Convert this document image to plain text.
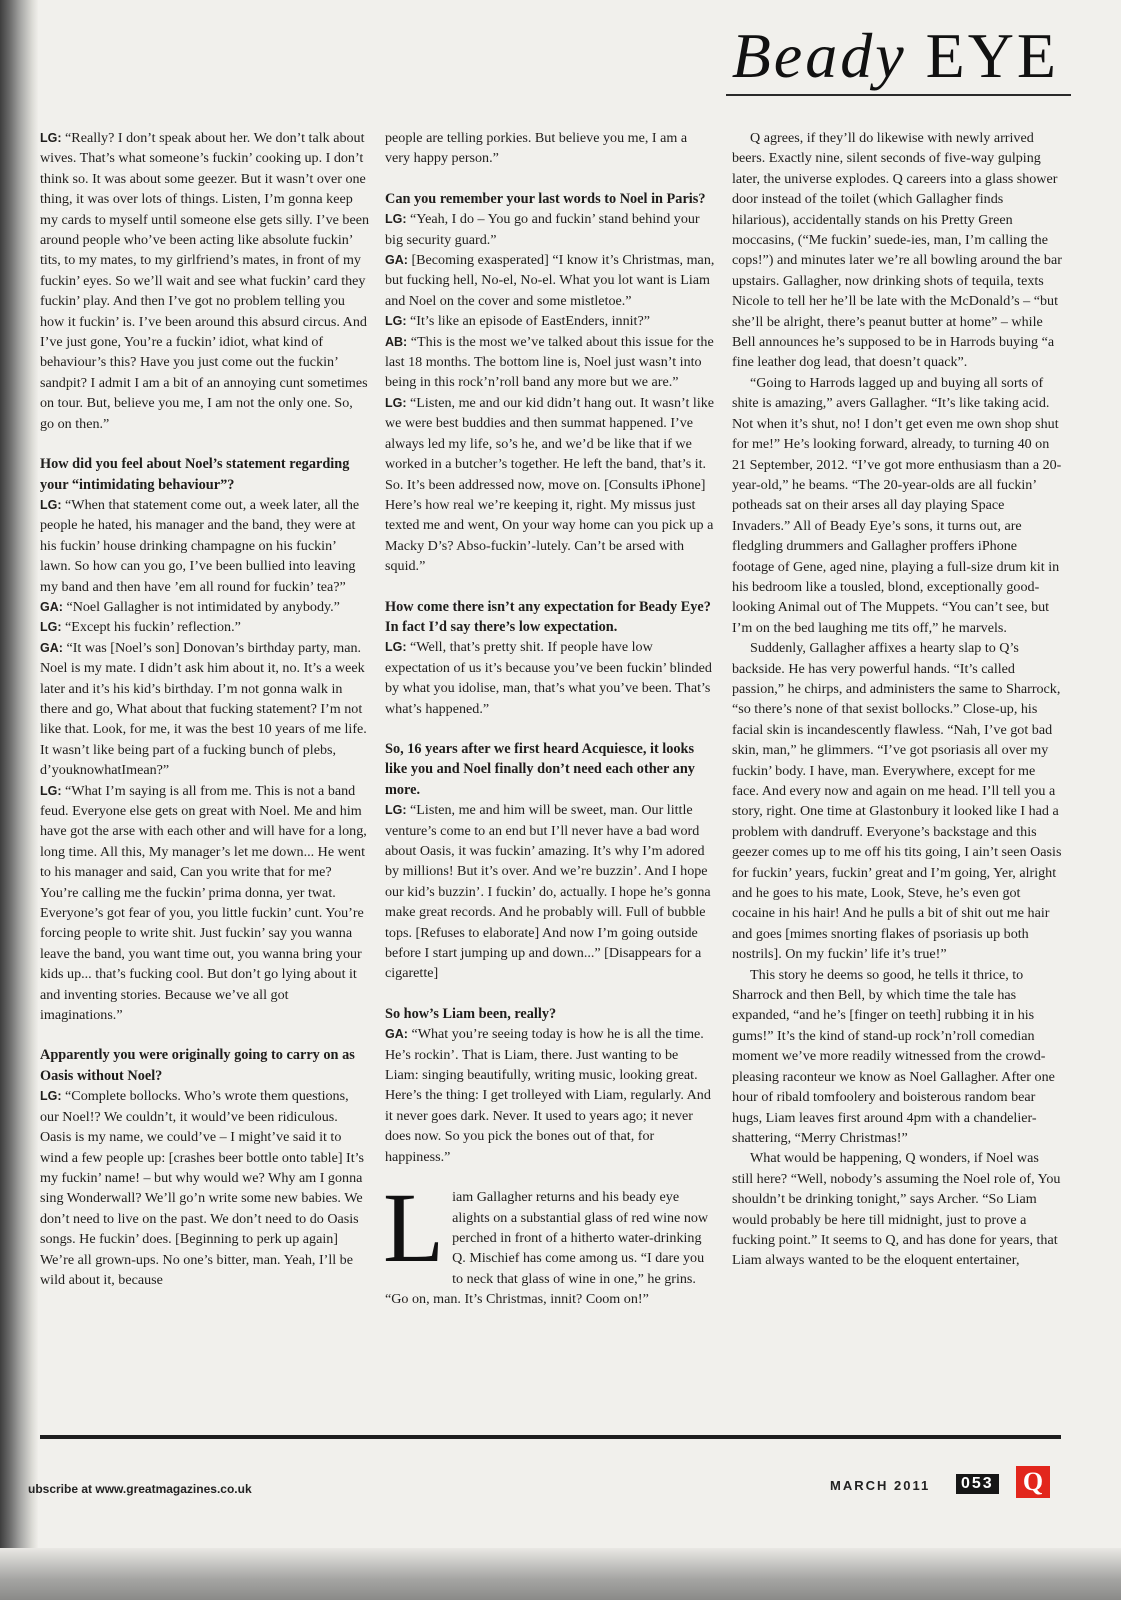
Beady EYE

LG: “Really? I don’t speak about her. We don’t talk about wives. That’s what someone’s fuckin’ cooking up. I don’t think so. It was about some geezer. But it wasn’t over one thing, it was over lots of things. Listen, I’m gonna keep my cards to myself until someone else gets silly. I’ve been around people who’ve been acting like absolute fuckin’ tits, to my mates, to my girlfriend’s mates, in front of my fuckin’ eyes. So we’ll wait and see what fuckin’ card they fuckin’ play. And then I’ve got no problem telling you how it fuckin’ is. I’ve been around this absurd circus. And I’ve just gone, You’re a fuckin’ idiot, what kind of behaviour’s this? Have you just come out the fuckin’ sandpit? I admit I am a bit of an annoying cunt sometimes on tour. But, believe you me, I am not the only one. So, go on then.”

How did you feel about Noel’s statement regarding your “intimidating behaviour”?

LG: “When that statement come out, a week later, all the people he hated, his manager and the band, they were at his fuckin’ house drinking champagne on his fuckin’ lawn. So how can you go, I’ve been bullied into leaving my band and then have ’em all round for fuckin’ tea?”

GA: “Noel Gallagher is not intimidated by anybody.”

LG: “Except his fuckin’ reflection.”

GA: “It was [Noel’s son] Donovan’s birthday party, man. Noel is my mate. I didn’t ask him about it, no. It’s a week later and it’s his kid’s birthday. I’m not gonna walk in there and go, What about that fucking statement? I’m not like that. Look, for me, it was the best 10 years of me life. It wasn’t like being part of a fucking bunch of plebs, d’youknowhatImean?”

LG: “What I’m saying is all from me. This is not a band feud. Everyone else gets on great with Noel. Me and him have got the arse with each other and will have for a long, long time. All this, My manager’s let me down... He went to his manager and said, Can you write that for me? You’re calling me the fuckin’ prima donna, yer twat. Everyone’s got fear of you, you little fuckin’ cunt. You’re forcing people to write shit. Just fuckin’ say you wanna leave the band, you want time out, you wanna bring your kids up... that’s fucking cool. But don’t go lying about it and inventing stories. Because we’ve all got imaginations.”

Apparently you were originally going to carry on as Oasis without Noel?

LG: “Complete bollocks. Who’s wrote them questions, our Noel!? We couldn’t, it would’ve been ridiculous. Oasis is my name, we could’ve – I might’ve said it to wind a few people up: [crashes beer bottle onto table] It’s my fuckin’ name! – but why would we? Why am I gonna sing Wonderwall? We’ll go’n write some new babies. We don’t need to live on the past. We don’t need to do Oasis songs. He fuckin’ does. [Beginning to perk up again] We’re all grown-ups. No one’s bitter, man. Yeah, I’ll be wild about it, because

people are telling porkies. But believe you me, I am a very happy person.”

Can you remember your last words to Noel in Paris?

LG: “Yeah, I do – You go and fuckin’ stand behind your big security guard.”

GA: [Becoming exasperated] “I know it’s Christmas, man, but fucking hell, No-el, No-el. What you lot want is Liam and Noel on the cover and some mistletoe.”

LG: “It’s like an episode of EastEnders, innit?”

AB: “This is the most we’ve talked about this issue for the last 18 months. The bottom line is, Noel just wasn’t into being in this rock’n’roll band any more but we are.”

LG: “Listen, me and our kid didn’t hang out. It wasn’t like we were best buddies and then summat happened. I’ve always led my life, so’s he, and we’d be like that if we worked in a butcher’s together. He left the band, that’s it. So. It’s been addressed now, move on. [Consults iPhone] Here’s how real we’re keeping it, right. My missus just texted me and went, On your way home can you pick up a Macky D’s? Abso-fuckin’-lutely. Can’t be arsed with squid.”

How come there isn’t any expectation for Beady Eye? In fact I’d say there’s low expectation.

LG: “Well, that’s pretty shit. If people have low expectation of us it’s because you’ve been fuckin’ blinded by what you idolise, man, that’s what you’ve been. That’s what’s happened.”

So, 16 years after we first heard Acquiesce, it looks like you and Noel finally don’t need each other any more.

LG: “Listen, me and him will be sweet, man. Our little venture’s come to an end but I’ll never have a bad word about Oasis, it was fuckin’ amazing. It’s why I’m adored by millions! But it’s over. And we’re buzzin’. And I hope our kid’s buzzin’. I fuckin’ do, actually. I hope he’s gonna make great records. And he probably will. Full of bubble tops. [Refuses to elaborate] And now I’m going outside before I start jumping up and down...” [Disappears for a cigarette]

So how’s Liam been, really?

GA: “What you’re seeing today is how he is all the time. He’s rockin’. That is Liam, there. Just wanting to be Liam: singing beautifully, writing music, looking great. Here’s the thing: I get trolleyed with Liam, regularly. And it never goes dark. Never. It used to years ago; it never does now. So you pick the bones out of that, for happiness.”

Liam Gallagher returns and his beady eye alights on a substantial glass of red wine now perched in front of a hitherto water-drinking Q. Mischief has come among us. “I dare you to neck that glass of wine in one,” he grins. “Go on, man. It’s Christmas, innit? Coom on!”

Q agrees, if they’ll do likewise with newly arrived beers. Exactly nine, silent seconds of five-way gulping later, the universe explodes. Q careers into a glass shower door instead of the toilet (which Gallagher finds hilarious), accidentally stands on his Pretty Green moccasins, (“Me fuckin’ suede-ies, man, I’m calling the cops!”) and minutes later we’re all bowling around the bar upstairs. Gallagher, now drinking shots of tequila, texts Nicole to tell her he’ll be late with the McDonald’s – “but she’ll be alright, there’s peanut butter at home” – while Bell announces he’s supposed to be in Harrods buying “a fine leather dog lead, that doesn’t quack”.

“Going to Harrods lagged up and buying all sorts of shite is amazing,” avers Gallagher. “It’s like taking acid. Not when it’s shut, no! I don’t get even me own shop shut for me!” He’s looking forward, already, to turning 40 on 21 September, 2012. “I’ve got more enthusiasm than a 20-year-old,” he beams. “The 20-year-olds are all fuckin’ potheads sat on their arses all day playing Space Invaders.” All of Beady Eye’s sons, it turns out, are fledgling drummers and Gallagher proffers iPhone footage of Gene, aged nine, playing a full-size drum kit in his bedroom like a tousled, blond, exceptionally good-looking Animal out of The Muppets. “You can’t see, but I’m on the bed laughing me tits off,” he marvels.

Suddenly, Gallagher affixes a hearty slap to Q’s backside. He has very powerful hands. “It’s called passion,” he chirps, and administers the same to Sharrock, “so there’s none of that sexist bollocks.” Close-up, his facial skin is incandescently flawless. “Nah, I’ve got bad skin, man,” he glimmers. “I’ve got psoriasis all over my fuckin’ body. I have, man. Everywhere, except for me face. And every now and again on me head. I’ll tell you a story, right. One time at Glastonbury it looked like I had a problem with dandruff. Everyone’s backstage and this geezer comes up to me off his tits going, I ain’t seen Oasis for fuckin’ years, fuckin’ great and I’m going, Yer, alright and he goes to his mate, Look, Steve, he’s even got cocaine in his hair! And he pulls a bit of shit out me hair and goes [mimes snorting flakes of psoriasis up both nostrils]. On my fuckin’ life it’s true!”

This story he deems so good, he tells it thrice, to Sharrock and then Bell, by which time the tale has expanded, “and he’s [finger on teeth] rubbing it in his gums!” It’s the kind of stand-up rock’n’roll comedian moment we’ve more readily witnessed from the crowd-pleasing raconteur we know as Noel Gallagher. After one hour of ribald tomfoolery and boisterous random bear hugs, Liam leaves first around 4pm with a chandelier-shattering, “Merry Christmas!”

What would be happening, Q wonders, if Noel was still here? “Well, nobody’s assuming the Noel role of, You shouldn’t be drinking tonight,” says Archer. “So Liam would probably be here till midnight, just to prove a fucking point.” It seems to Q, and has done for years, that Liam always wanted to be the eloquent entertainer,

ubscribe at www.greatmagazines.co.uk	MARCH 2011	053 Q
